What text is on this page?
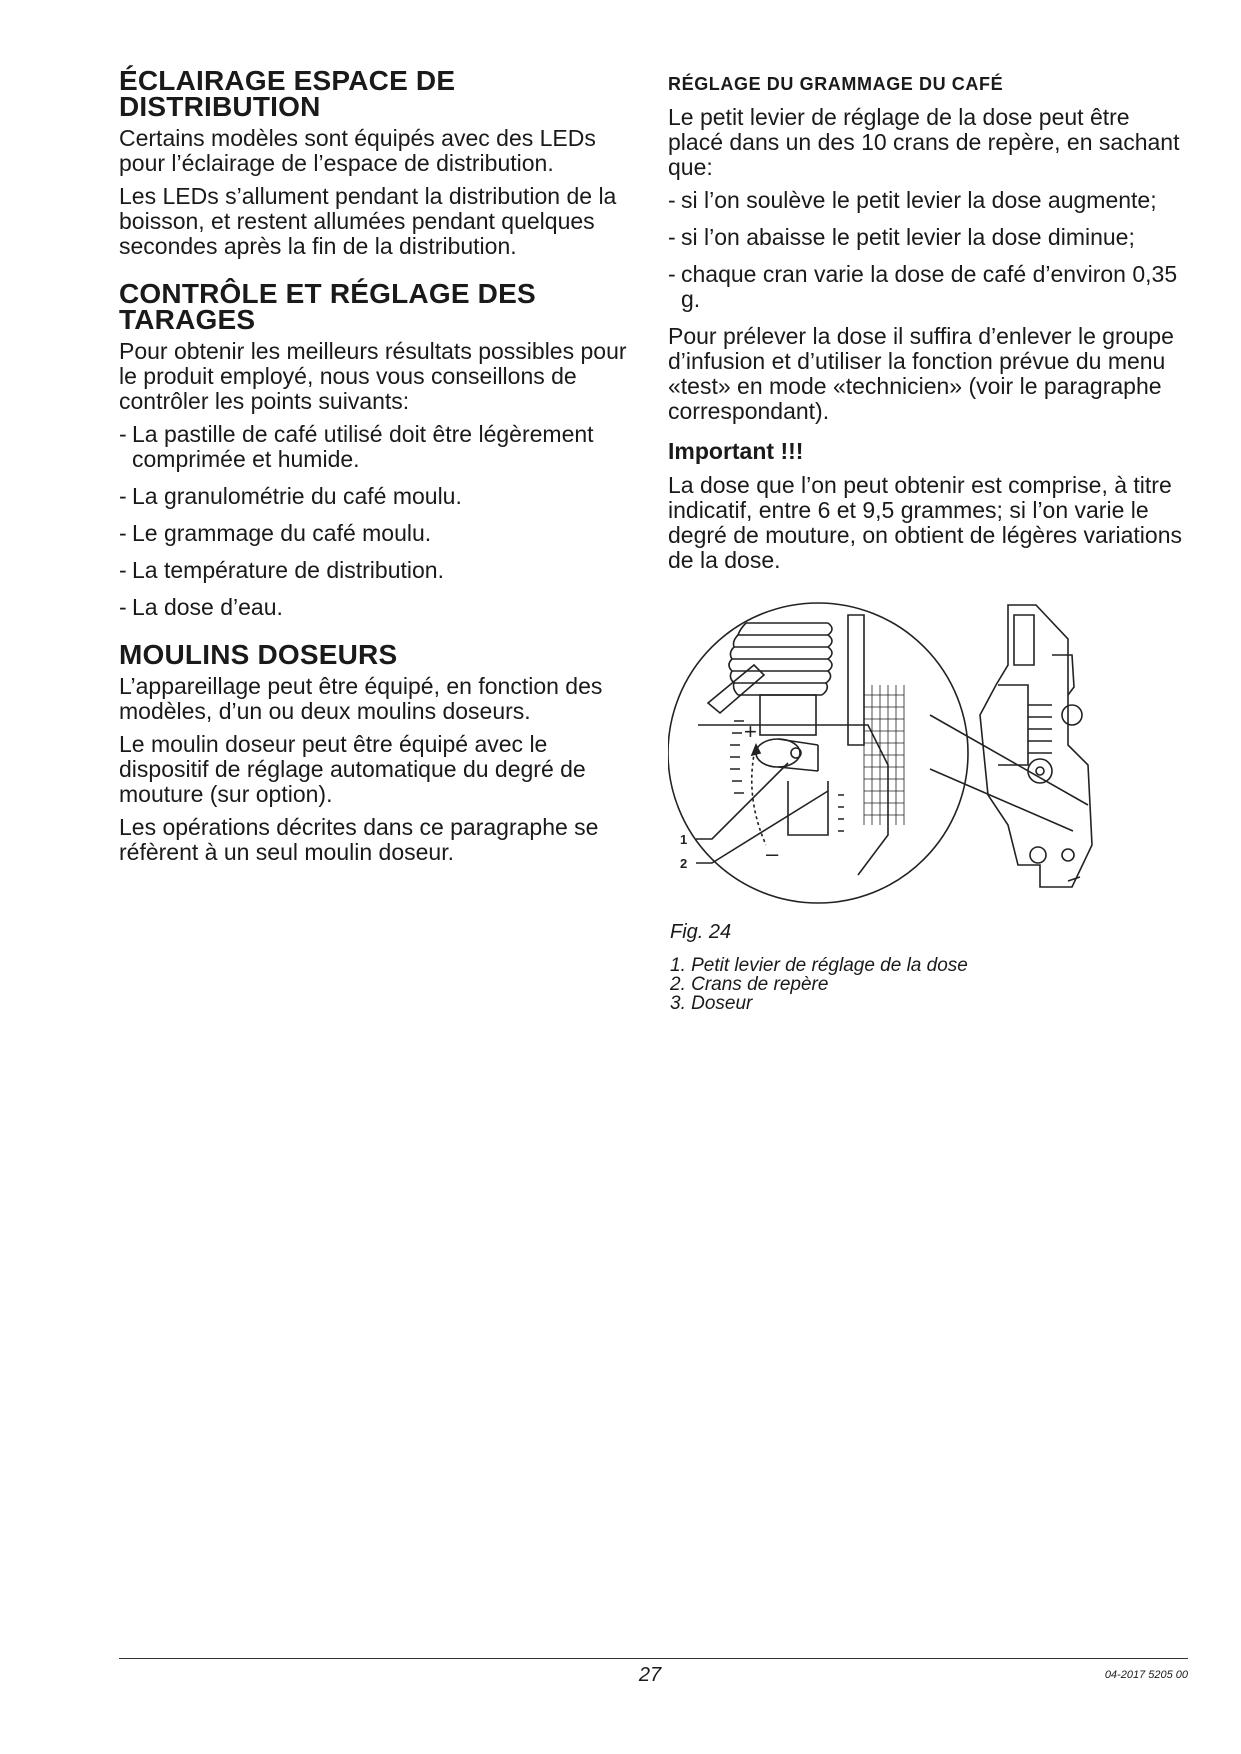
ÉCLAIRAGE ESPACE DE DISTRIBUTION

Certains modèles sont équipés avec des LEDs pour l’éclairage de l’espace de distribution.

Les LEDs s’allument pendant la distribution de la boisson, et restent allumées pendant quelques secondes après la fin de la distribution.

CONTRÔLE ET RÉGLAGE DES TARAGES

Pour obtenir les meilleurs résultats possibles pour le produit employé, nous vous conseillons de contrôler les points suivants:

- La pastille de café utilisé doit être légèrement comprimée et humide.
- La granulométrie du café moulu.
- Le grammage du café moulu.
- La température de distribution.
- La dose d’eau.
MOULINS DOSEURS

L’appareillage peut être équipé, en fonction des modèles, d’un ou deux moulins doseurs.

Le moulin doseur peut être équipé avec le dispositif de réglage automatique du degré de mouture (sur option).

Les opérations décrites dans ce paragraphe se réfèrent à un seul moulin doseur.

RÉGLAGE DU GRAMMAGE DU CAFÉ

Le petit levier de réglage de la dose peut être placé dans un des 10 crans de repère, en sachant que:

- si l’on soulève le petit levier la dose augmente;
- si l’on abaisse le petit levier la dose diminue;
- chaque cran varie la dose de café d’environ 0,35 g.

Pour prélever la dose il suffira d’enlever le groupe d’infusion et d’utiliser la fonction prévue du menu «test» en mode «technicien» (voir le paragraphe correspondant).

Important !!!

La dose que l’on peut obtenir est comprise, à titre indicatif, entre 6 et 9,5 grammes; si l’on varie le degré de mouture, on obtient de légères variations de la dose.

+
–
1
2
Fig. 24
1. Petit levier de réglage de la dose
2. Crans de repère
3. Doseur
27	04-2017 5205 00
